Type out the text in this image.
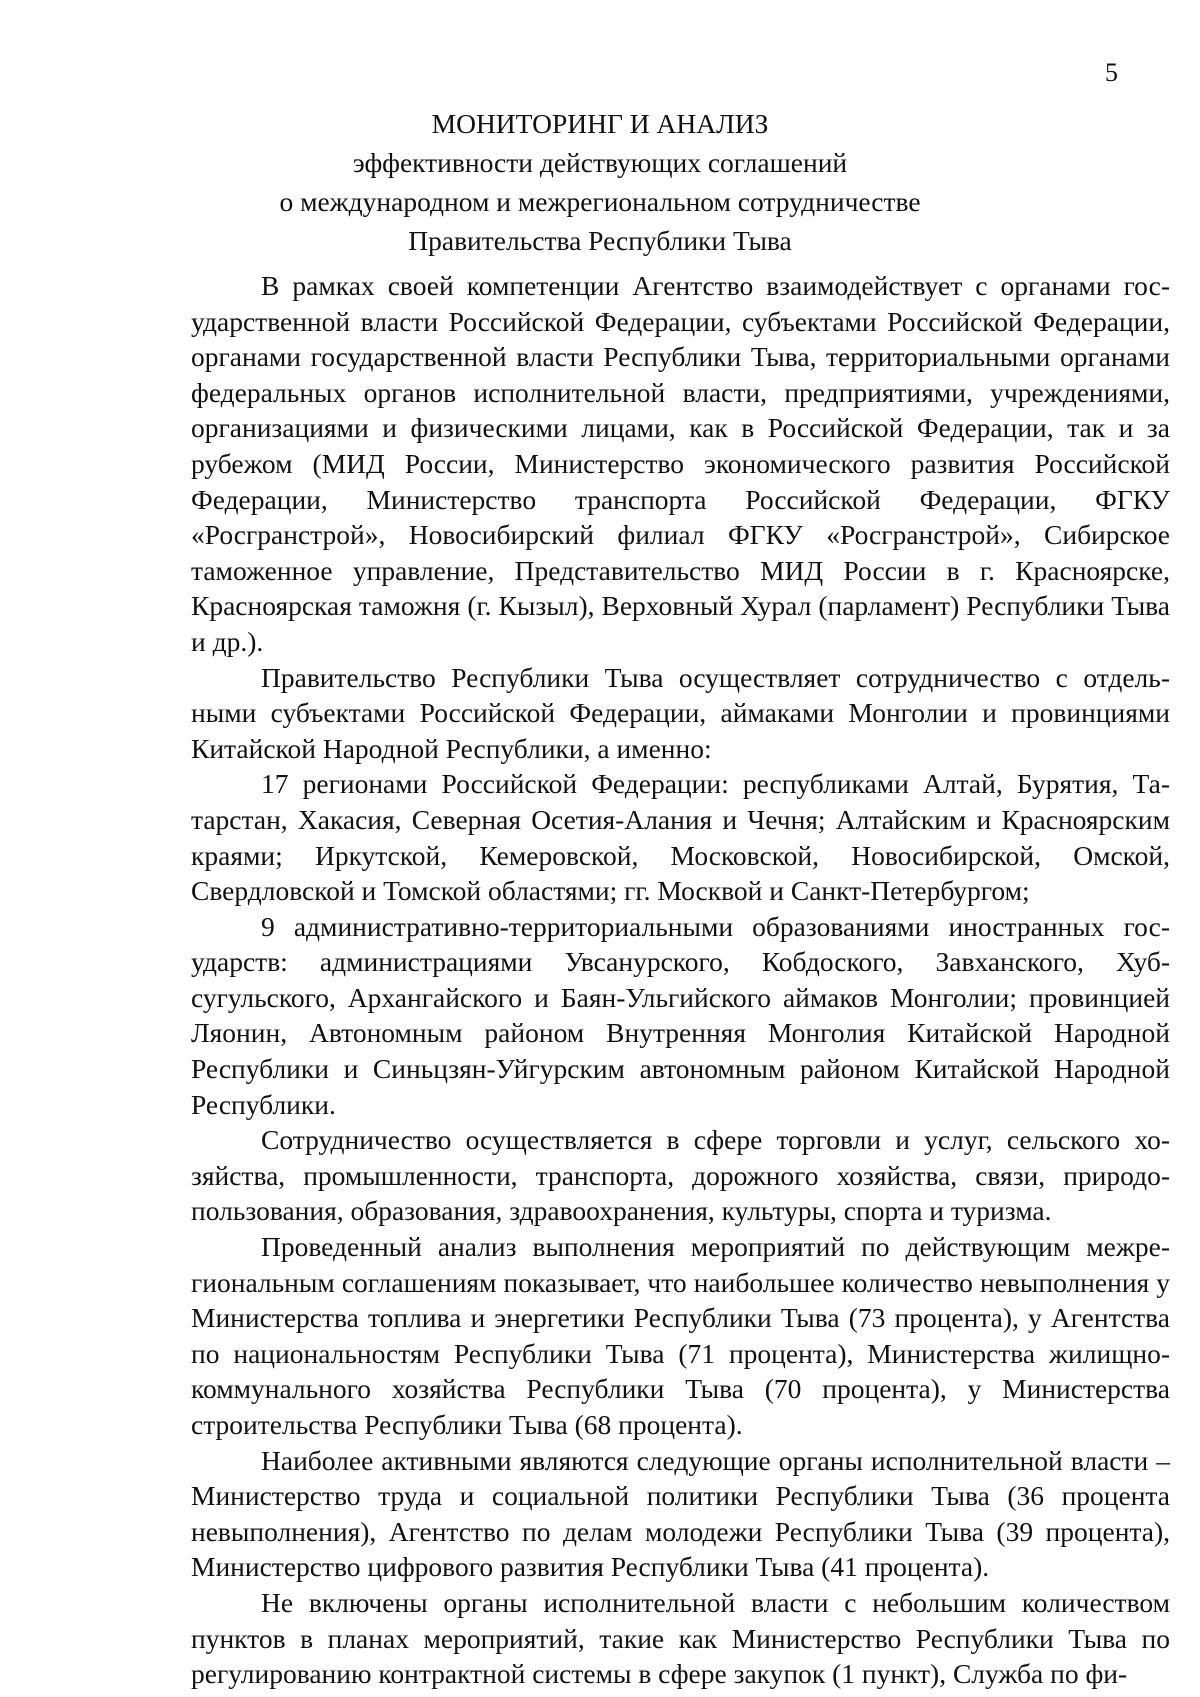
5
МОНИТОРИНГ И АНАЛИЗ
эффективности действующих соглашений
о международном и межрегиональном сотрудничестве
Правительства Республики Тыва

В рамках своей компетенции Агентство взаимодействует с органами государственной власти Российской Федерации, субъектами Российской Федерации, органами государственной власти Республики Тыва, территориальными органами федеральных органов исполнительной власти, предприятиями, учреждениями, организациями и физическими лицами, как в Российской Федерации, так и за рубежом (МИД России, Министерство экономического развития Российской Федерации, Министерство транспорта Российской Федерации, ФГКУ «Росгранстрой», Новосибирский филиал ФГКУ «Росгранстрой», Сибирское таможенное управление, Представительство МИД России в г. Красноярске, Красноярская таможня (г. Кызыл), Верховный Хурал (парламент) Республики Тыва и др.).

Правительство Республики Тыва осуществляет сотрудничество с отдельными субъектами Российской Федерации, аймаками Монголии и провинциями Китайской Народной Республики, а именно:

17 регионами Российской Федерации: республиками Алтай, Бурятия, Татарстан, Хакасия, Северная Осетия-Алания и Чечня; Алтайским и Красноярским краями; Иркутской, Кемеровской, Московской, Новосибирской, Омской, Свердловской и Томской областями; гг. Москвой и Санкт-Петербургом;

9 административно-территориальными образованиями иностранных государств: администрациями Увсанурского, Кобдоского, Завханского, Хубсугульского, Архангайского и Баян-Ульгийского аймаков Монголии; провинцией Ляонин, Автономным районом Внутренняя Монголия Китайской Народной Республики и Синьцзян-Уйгурским автономным районом Китайской Народной Республики.

Сотрудничество осуществляется в сфере торговли и услуг, сельского хозяйства, промышленности, транспорта, дорожного хозяйства, связи, природопользования, образования, здравоохранения, культуры, спорта и туризма.

Проведенный анализ выполнения мероприятий по действующим межрегиональным соглашениям показывает, что наибольшее количество невыполнения у Министерства топлива и энергетики Республики Тыва (73 процента), у Агентства по национальностям Республики Тыва (71 процента), Министерства жилищно-коммунального хозяйства Республики Тыва (70 процента), у Министерства строительства Республики Тыва (68 процента).

Наиболее активными являются следующие органы исполнительной власти – Министерство труда и социальной политики Республики Тыва (36 процента невыполнения), Агентство по делам молодежи Республики Тыва (39 процента), Министерство цифрового развития Республики Тыва (41 процента).

Не включены органы исполнительной власти с небольшим количеством пунктов в планах мероприятий, такие как Министерство Республики Тыва по регулированию контрактной системы в сфере закупок (1 пункт), Служба по фи-
